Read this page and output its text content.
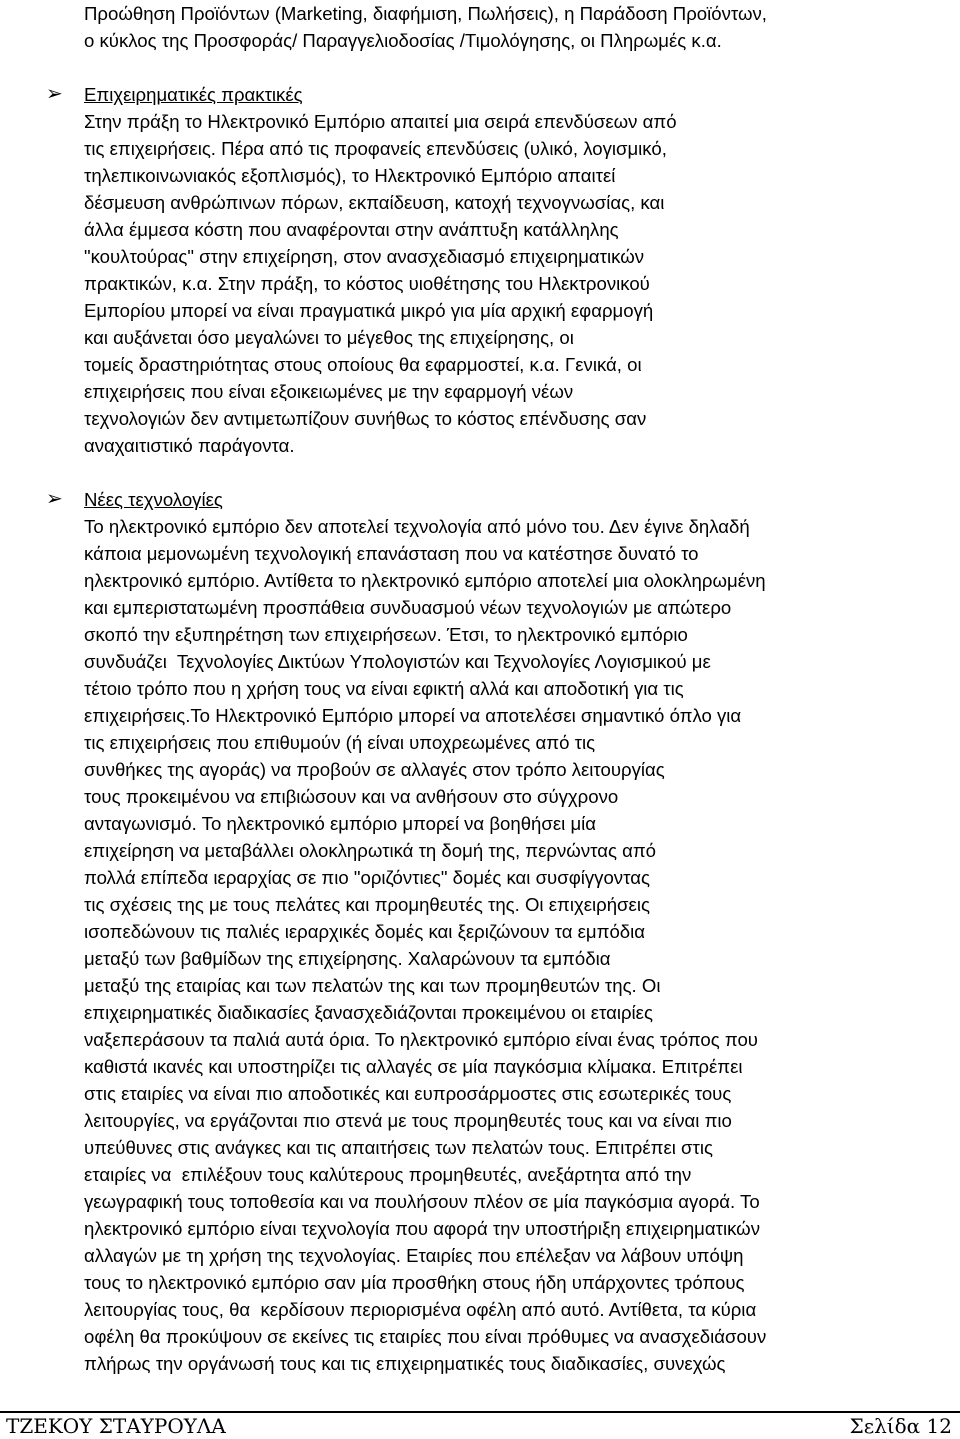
Προώθηση Προϊόντων (Marketing, διαφήμιση, Πωλήσεις), η Παράδοση Προϊόντων,
ο κύκλος της Προσφοράς/ Παραγγελιοδοσίας /Τιμολόγησης, οι Πληρωμές κ.α.
➢ Επιχειρηματικές πρακτικές
Στην πράξη το Ηλεκτρονικό Εμπόριο απαιτεί μια σειρά επενδύσεων από
τις επιχειρήσεις. Πέρα από τις προφανείς επενδύσεις (υλικό, λογισμικό,
τηλεπικοινωνιακός εξοπλισμός), το Ηλεκτρονικό Εμπόριο απαιτεί
δέσμευση ανθρώπινων πόρων, εκπαίδευση, κατοχή τεχνογνωσίας, και
άλλα έμμεσα κόστη που αναφέρονται στην ανάπτυξη κατάλληλης
"κουλτούρας" στην επιχείρηση, στον ανασχεδιασμό επιχειρηματικών
πρακτικών, κ.α. Στην πράξη, το κόστος υιοθέτησης του Ηλεκτρονικού
Εμπορίου μπορεί να είναι πραγματικά μικρό για μία αρχική εφαρμογή
και αυξάνεται όσο μεγαλώνει το μέγεθος της επιχείρησης, οι
τομείς δραστηριότητας στους οποίους θα εφαρμοστεί, κ.α. Γενικά, οι
επιχειρήσεις που είναι εξοικειωμένες με την εφαρμογή νέων
τεχνολογιών δεν αντιμετωπίζουν συνήθως το κόστος επένδυσης σαν
αναχαιτιστικό παράγοντα.
➢ Νέες τεχνολογίες
Το ηλεκτρονικό εμπόριο δεν αποτελεί τεχνολογία από μόνο του. Δεν έγινε δηλαδή
κάποια μεμονωμένη τεχνολογική επανάσταση που να κατέστησε δυνατό το
ηλεκτρονικό εμπόριο. Αντίθετα το ηλεκτρονικό εμπόριο αποτελεί μια ολοκληρωμένη
και εμπεριστατωμένη προσπάθεια συνδυασμού νέων τεχνολογιών με απώτερο
σκοπό την εξυπηρέτηση των επιχειρήσεων. Έτσι, το ηλεκτρονικό εμπόριο
συνδυάζει  Τεχνολογίες Δικτύων Υπολογιστών και Τεχνολογίες Λογισμικού με
τέτοιο τρόπο που η χρήση τους να είναι εφικτή αλλά και αποδοτική για τις
επιχειρήσεις.Το Ηλεκτρονικό Εμπόριο μπορεί να αποτελέσει σημαντικό όπλο για
τις επιχειρήσεις που επιθυμούν (ή είναι υποχρεωμένες από τις
συνθήκες της αγοράς) να προβούν σε αλλαγές στον τρόπο λειτουργίας
τους προκειμένου να επιβιώσουν και να ανθήσουν στο σύγχρονο
ανταγωνισμό. Το ηλεκτρονικό εμπόριο μπορεί να βοηθήσει μία
επιχείρηση να μεταβάλλει ολοκληρωτικά τη δομή της, περνώντας από
πολλά επίπεδα ιεραρχίας σε πιο "οριζόντιες" δομές και συσφίγγοντας
τις σχέσεις της με τους πελάτες και προμηθευτές της. Οι επιχειρήσεις
ισοπεδώνουν τις παλιές ιεραρχικές δομές και ξεριζώνουν τα εμπόδια
μεταξύ των βαθμίδων της επιχείρησης. Χαλαρώνουν τα εμπόδια
μεταξύ της εταιρίας και των πελατών της και των προμηθευτών της. Οι
επιχειρηματικές διαδικασίες ξανασχεδιάζονται προκειμένου οι εταιρίες
ναξεπεράσουν τα παλιά αυτά όρια. Το ηλεκτρονικό εμπόριο είναι ένας τρόπος που
καθιστά ικανές και υποστηρίζει τις αλλαγές σε μία παγκόσμια κλίμακα. Επιτρέπει
στις εταιρίες να είναι πιο αποδοτικές και ευπροσάρμοστες στις εσωτερικές τους
λειτουργίες, να εργάζονται πιο στενά με τους προμηθευτές τους και να είναι πιο
υπεύθυνες στις ανάγκες και τις απαιτήσεις των πελατών τους. Επιτρέπει στις
εταιρίες να  επιλέξουν τους καλύτερους προμηθευτές, ανεξάρτητα από την
γεωγραφική τους τοποθεσία και να πουλήσουν πλέον σε μία παγκόσμια αγορά. Το
ηλεκτρονικό εμπόριο είναι τεχνολογία που αφορά την υποστήριξη επιχειρηματικών
αλλαγών με τη χρήση της τεχνολογίας. Εταιρίες που επέλεξαν να λάβουν υπόψη
τους το ηλεκτρονικό εμπόριο σαν μία προσθήκη στους ήδη υπάρχοντες τρόπους
λειτουργίας τους, θα  κερδίσουν περιορισμένα οφέλη από αυτό. Αντίθετα, τα κύρια
οφέλη θα προκύψουν σε εκείνες τις εταιρίες που είναι πρόθυμες να ανασχεδιάσουν
πλήρως την οργάνωσή τους και τις επιχειρηματικές τους διαδικασίες, συνεχώς
ΤΖΕΚΟΥ ΣΤΑΥΡΟΥΛΑ	Σελίδα 12
